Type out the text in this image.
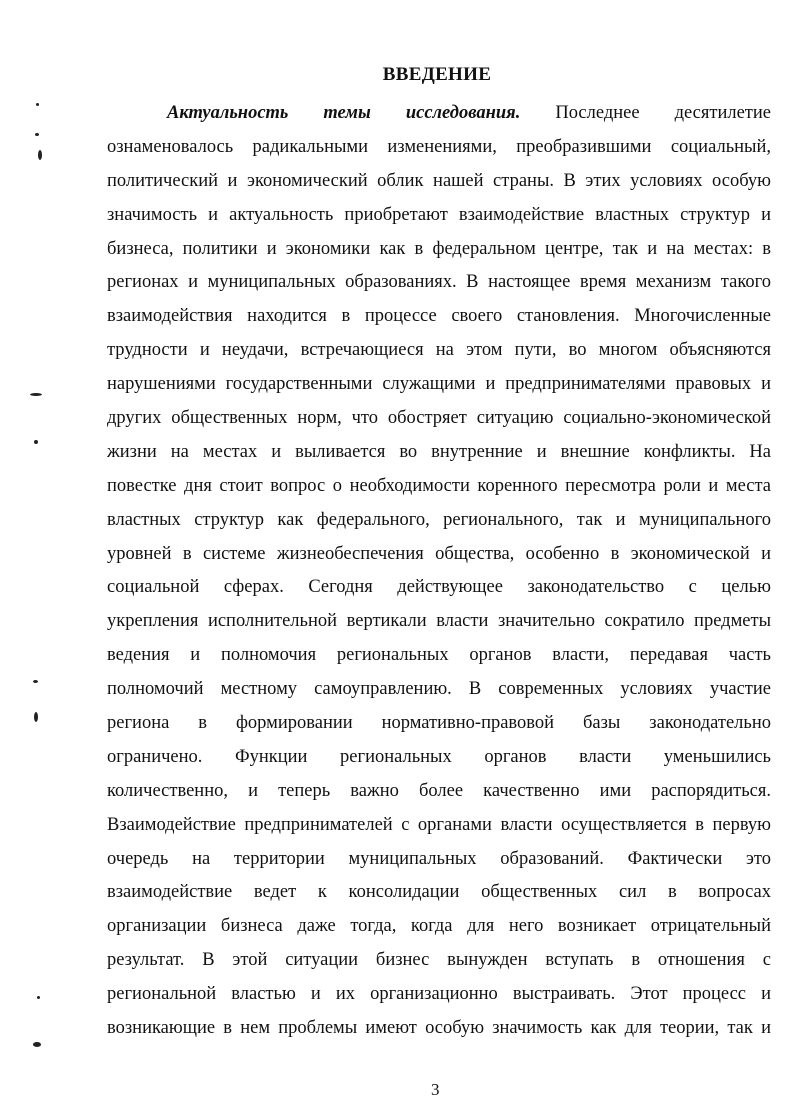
ВВЕДЕНИЕ
Актуальность темы исследования. Последнее десятилетие
ознаменовалось радикальными изменениями, преобразившими социальный,
политический и экономический облик нашей страны. В этих условиях особую
значимость и актуальность приобретают взаимодействие властных структур и
бизнеса, политики и экономики как в федеральном центре, так и на местах: в
регионах и муниципальных образованиях. В настоящее время механизм такого
взаимодействия находится в процессе своего становления. Многочисленные
трудности и неудачи, встречающиеся на этом пути, во многом объясняются
нарушениями государственными служащими и предпринимателями правовых и
других общественных норм, что обостряет ситуацию социально-экономической
жизни на местах и выливается во внутренние и внешние конфликты. На
повестке дня стоит вопрос о необходимости коренного пересмотра роли и места
властных структур как федерального, регионального, так и муниципального
уровней в системе жизнеобеспечения общества, особенно в экономической и
социальной сферах. Сегодня действующее законодательство с целью
укрепления исполнительной вертикали власти значительно сократило предметы
ведения и полномочия региональных органов власти, передавая часть
полномочий местному самоуправлению. В современных условиях участие
региона в формировании нормативно-правовой базы законодательно
ограничено. Функции региональных органов власти уменьшились
количественно, и теперь важно более качественно ими распорядиться.
Взаимодействие предпринимателей с органами власти осуществляется в первую
очередь на территории муниципальных образований. Фактически это
взаимодействие ведет к консолидации общественных сил в вопросах
организации бизнеса даже тогда, когда для него возникает отрицательный
результат. В этой ситуации бизнес вынужден вступать в отношения с
региональной властью и их организационно выстраивать. Этот процесс и
возникающие в нем проблемы имеют особую значимость как для теории, так и
3
